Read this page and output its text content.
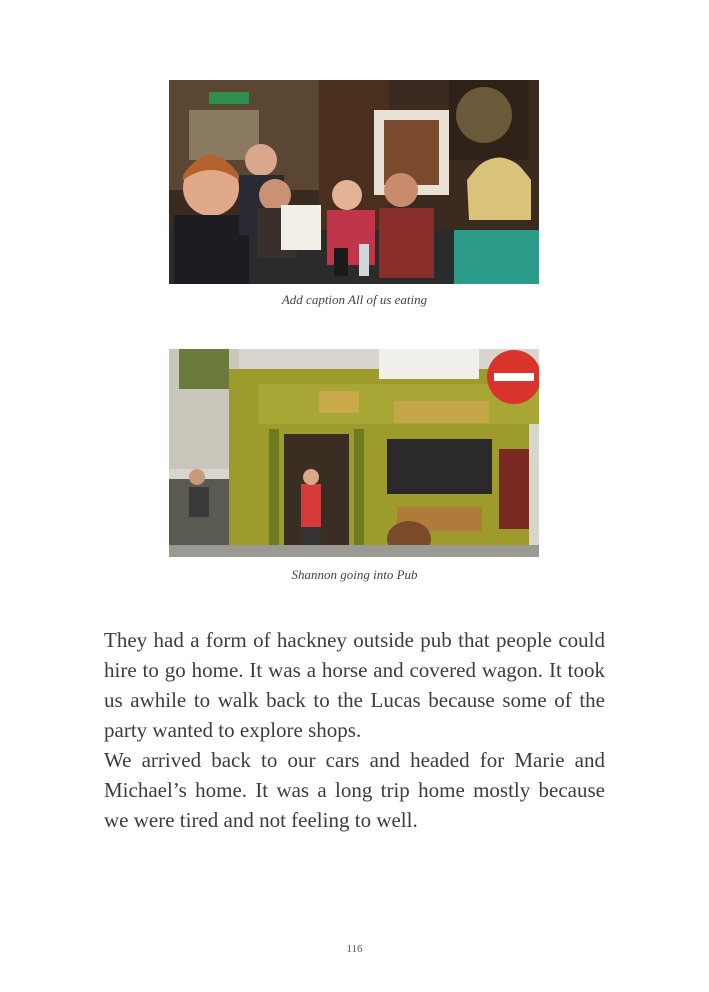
Add caption All of us eating
Shannon going into Pub

They had a form of hackney outside pub that people could hire to go home. It was a horse and covered wagon. It took us awhile to walk back to the Lucas because some of the party wanted to explore shops.

We arrived back to our cars and headed for Marie and Michael’s home. It was a long trip home mostly because we were tired and not feeling to well.

116
